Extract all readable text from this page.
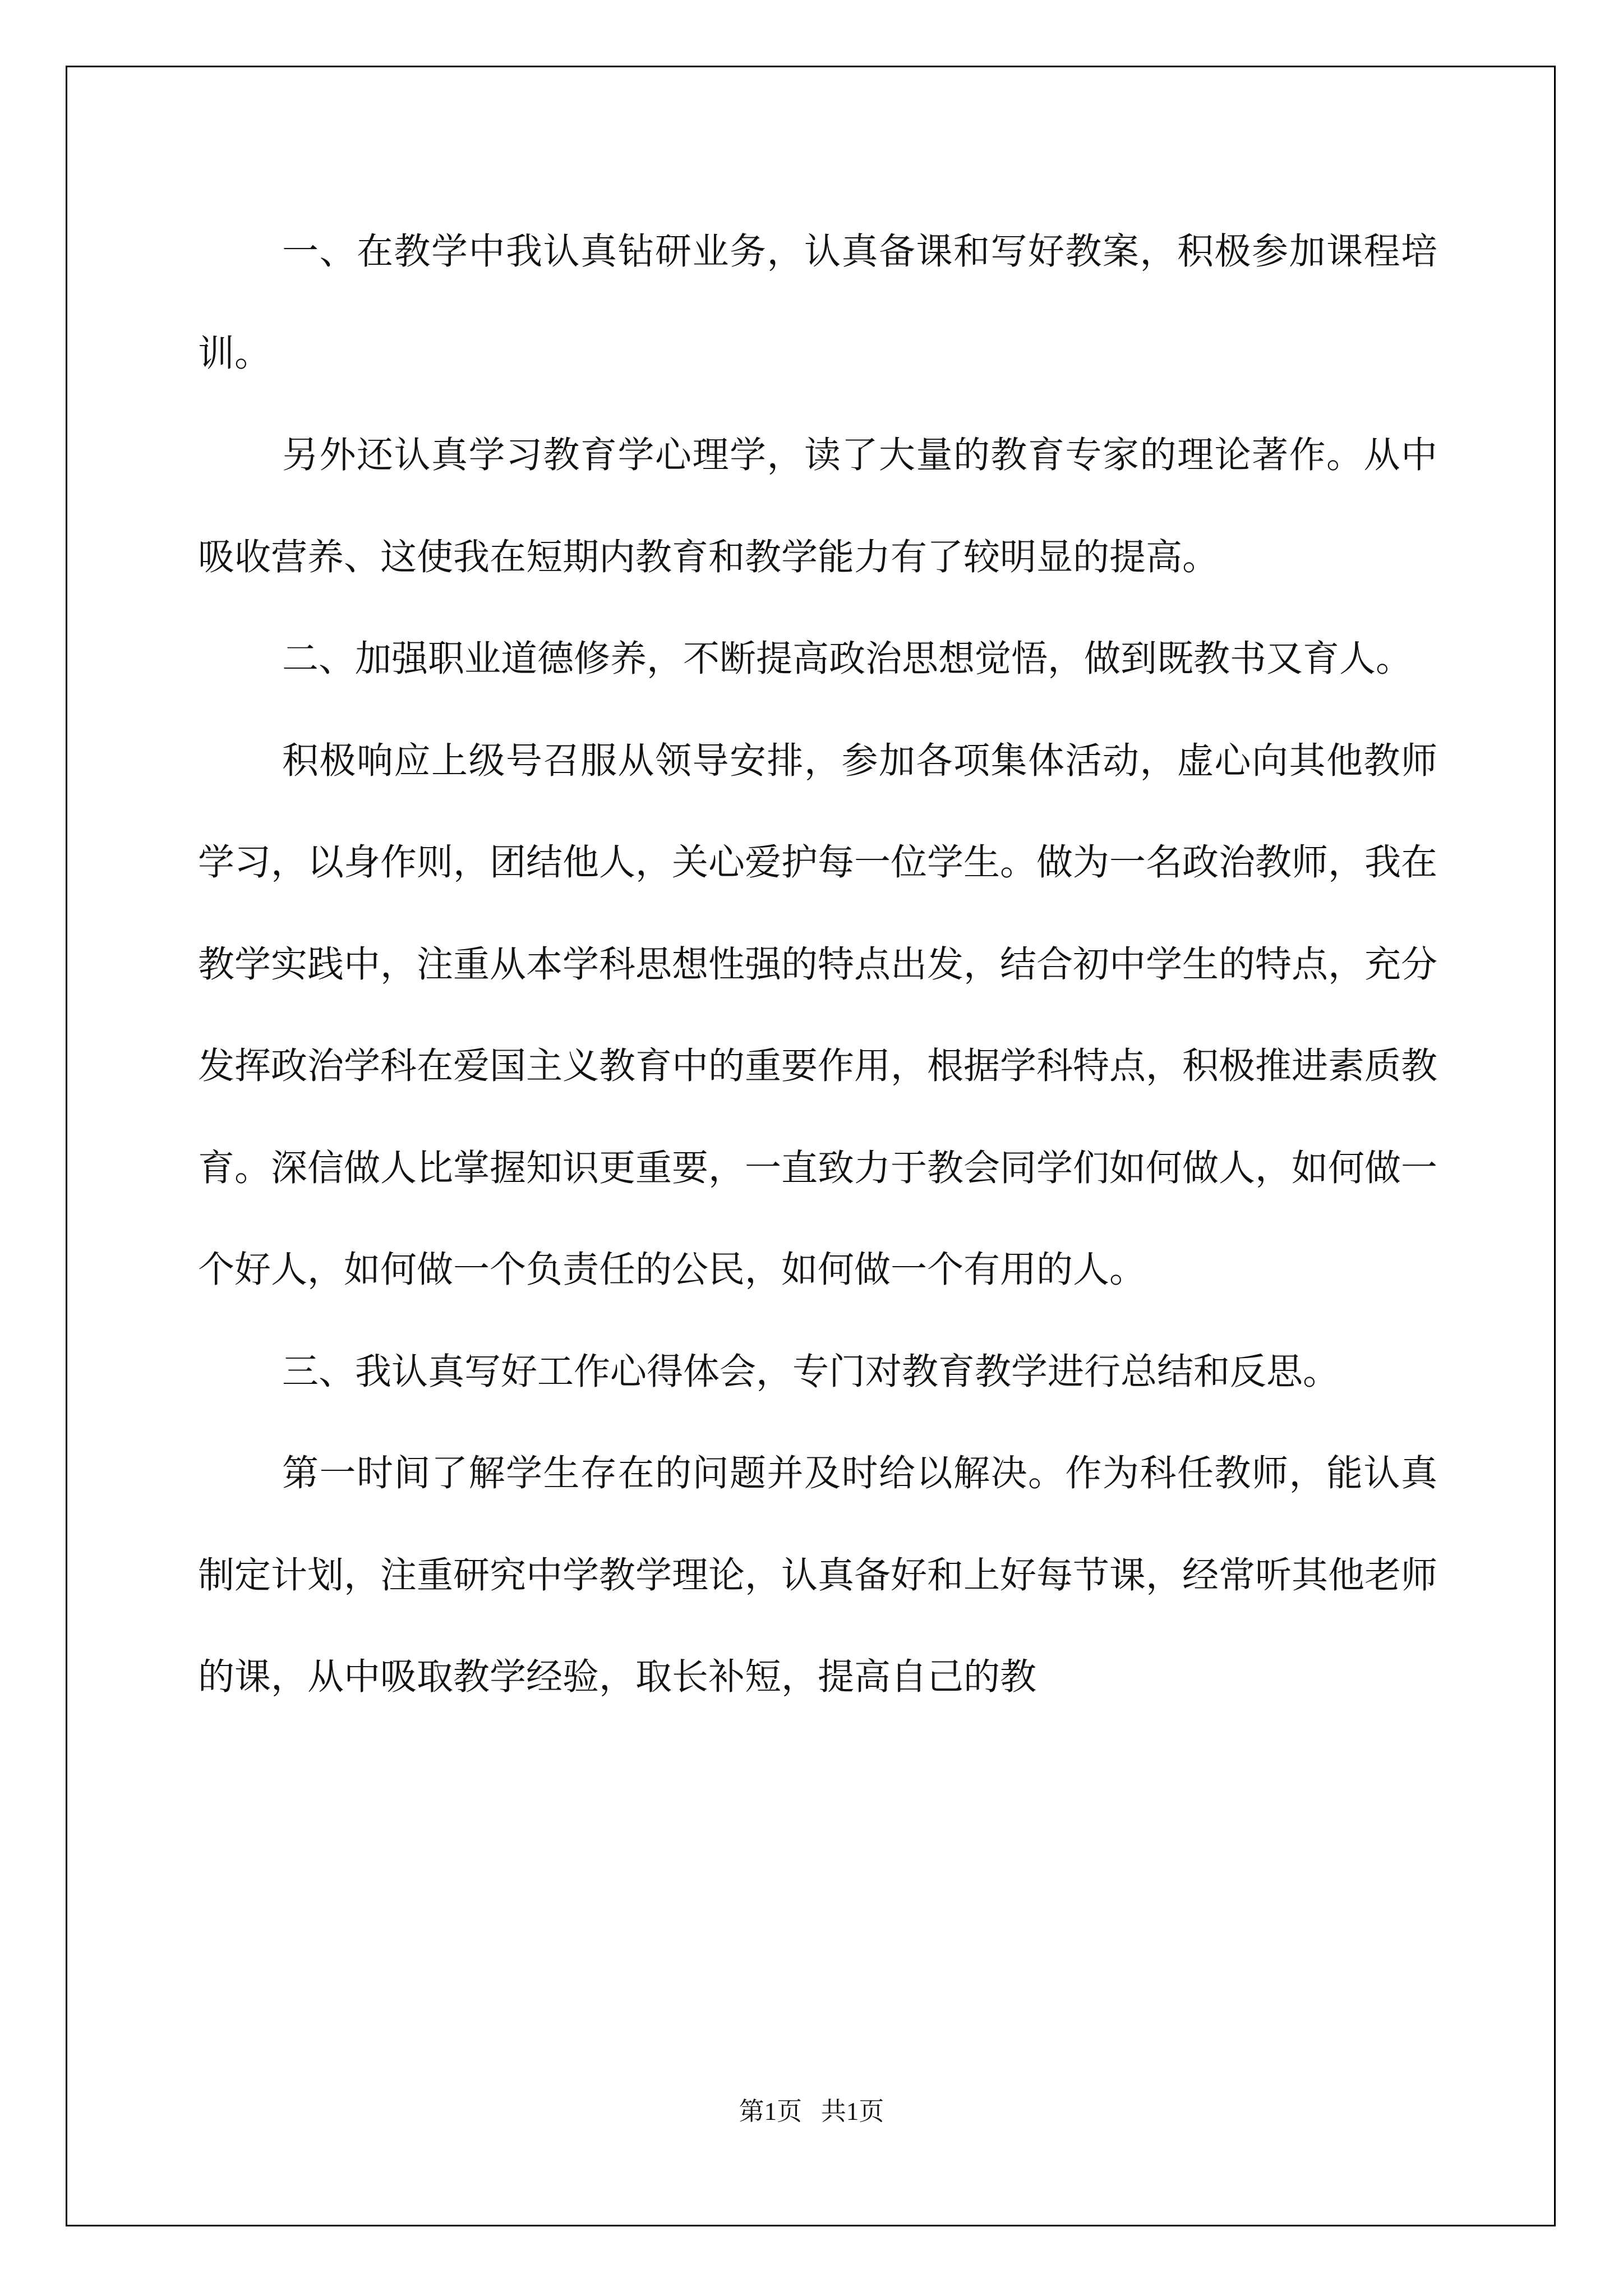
一、在教学中我认真钻研业务，认真备课和写好教案，积极参加课程培训。

另外还认真学习教育学心理学，读了大量的教育专家的理论著作。从中吸收营养、这使我在短期内教育和教学能力有了较明显的提高。

二、加强职业道德修养，不断提高政治思想觉悟，做到既教书又育人。

积极响应上级号召服从领导安排，参加各项集体活动，虚心向其他教师学习，以身作则，团结他人，关心爱护每一位学生。做为一名政治教师，我在教学实践中，注重从本学科思想性强的特点出发，结合初中学生的特点，充分发挥政治学科在爱国主义教育中的重要作用，根据学科特点，积极推进素质教育。深信做人比掌握知识更重要，一直致力于教会同学们如何做人，如何做一个好人，如何做一个负责任的公民，如何做一个有用的人。

三、我认真写好工作心得体会，专门对教育教学进行总结和反思。

第一时间了解学生存在的问题并及时给以解决。作为科任教师，能认真制定计划，注重研究中学教学理论，认真备好和上好每节课，经常听其他老师的课，从中吸取教学经验，取长补短，提高自己的教

第1页   共1页
